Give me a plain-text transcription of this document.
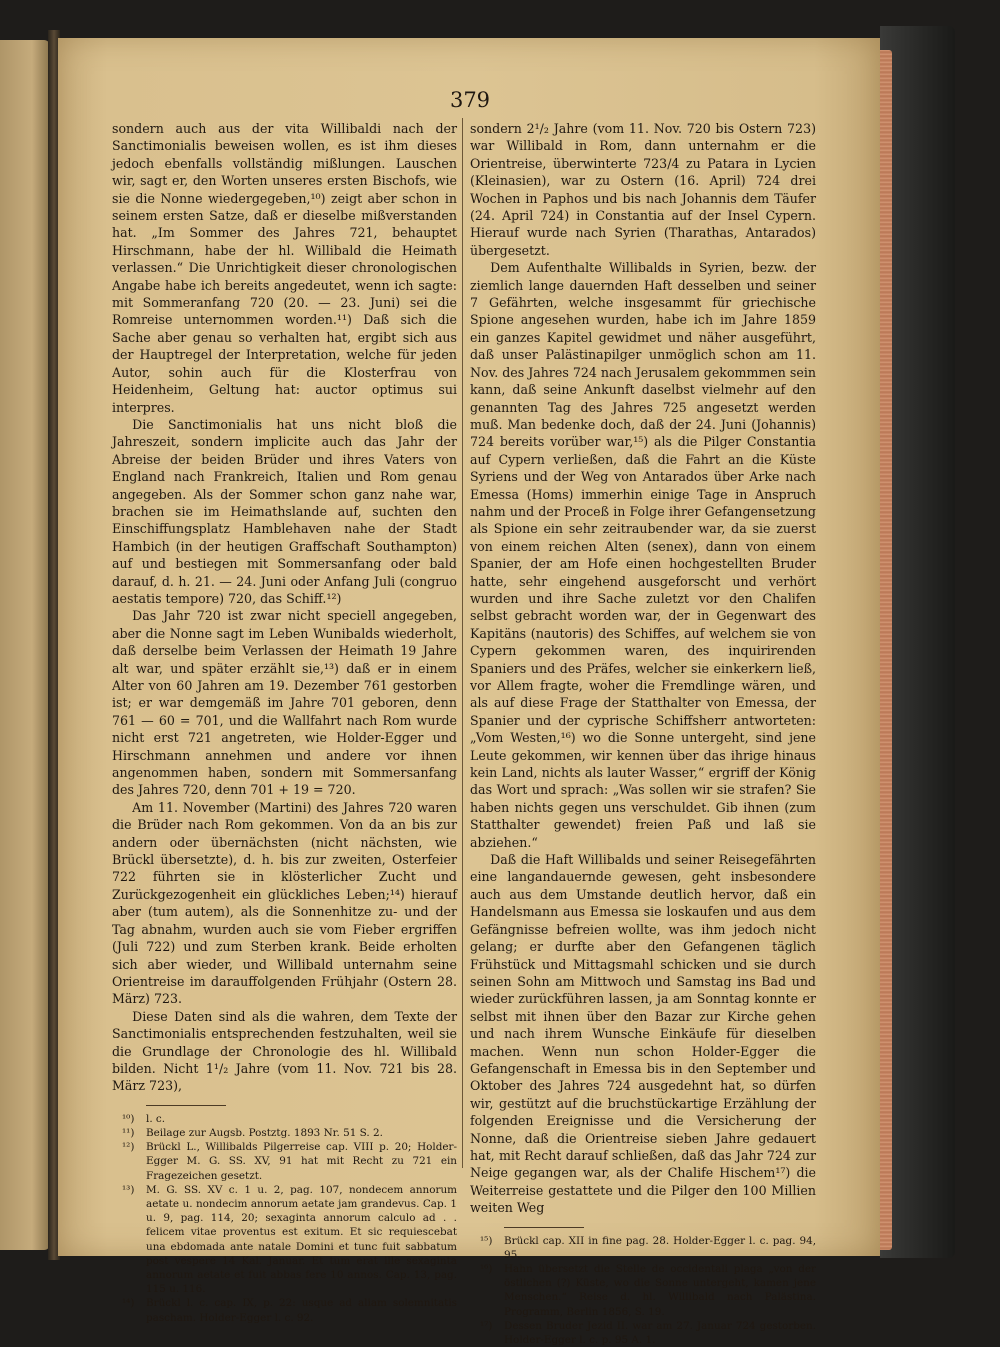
379

sondern auch aus der vita Willibaldi nach der Sanctimonialis beweisen wollen, es ist ihm dieses jedoch ebenfalls vollständig mißlungen. Lauschen wir, sagt er, den Worten unseres ersten Bischofs, wie sie die Nonne wiedergegeben,¹⁰) zeigt aber schon in seinem ersten Satze, daß er dieselbe mißverstanden hat. „Im Sommer des Jahres 721, behauptet Hirschmann, habe der hl. Willibald die Heimath verlassen.“ Die Unrichtigkeit dieser chronologischen Angabe habe ich bereits angedeutet, wenn ich sagte: mit Sommeranfang 720 (20. — 23. Juni) sei die Romreise unternommen worden.¹¹) Daß sich die Sache aber genau so verhalten hat, ergibt sich aus der Hauptregel der Interpretation, welche für jeden Autor, sohin auch für die Klosterfrau von Heidenheim, Geltung hat: auctor optimus sui interpres.

Die Sanctimonialis hat uns nicht bloß die Jahreszeit, sondern implicite auch das Jahr der Abreise der beiden Brüder und ihres Vaters von England nach Frankreich, Italien und Rom genau angegeben. Als der Sommer schon ganz nahe war, brachen sie im Heimathslande auf, suchten den Einschiffungsplatz Hamblehaven nahe der Stadt Hambich (in der heutigen Graffschaft Southampton) auf und bestiegen mit Sommersanfang oder bald darauf, d. h. 21. — 24. Juni oder Anfang Juli (congruo aestatis tempore) 720, das Schiff.¹²)

Das Jahr 720 ist zwar nicht speciell angegeben, aber die Nonne sagt im Leben Wunibalds wiederholt, daß derselbe beim Verlassen der Heimath 19 Jahre alt war, und später erzählt sie,¹³) daß er in einem Alter von 60 Jahren am 19. Dezember 761 gestorben ist; er war demgemäß im Jahre 701 geboren, denn 761 — 60 = 701, und die Wallfahrt nach Rom wurde nicht erst 721 angetreten, wie Holder-Egger und Hirschmann annehmen und andere vor ihnen angenommen haben, sondern mit Sommersanfang des Jahres 720, denn 701 + 19 = 720.

Am 11. November (Martini) des Jahres 720 waren die Brüder nach Rom gekommen. Von da an bis zur andern oder übernächsten (nicht nächsten, wie Brückl übersetzte), d. h. bis zur zweiten, Osterfeier 722 führten sie in klösterlicher Zucht und Zurückgezogenheit ein glückliches Leben;¹⁴) hierauf aber (tum autem), als die Sonnenhitze zu- und der Tag abnahm, wurden auch sie vom Fieber ergriffen (Juli 722) und zum Sterben krank. Beide erholten sich aber wieder, und Willibald unternahm seine Orientreise im darauffolgenden Frühjahr (Ostern 28. März) 723.

Diese Daten sind als die wahren, dem Texte der Sanctimonialis entsprechenden festzuhalten, weil sie die Grundlage der Chronologie des hl. Willibald bilden. Nicht 1¹/₂ Jahre (vom 11. Nov. 721 bis 28. März 723),

¹⁰) l. c.

¹¹) Beilage zur Augsb. Postztg. 1893 Nr. 51 S. 2.

¹²) Brückl L., Willibalds Pilgerreise cap. VIII p. 20; Holder-Egger M. G. SS. XV, 91 hat mit Recht zu 721 ein Fragezeichen gesetzt.

¹³) M. G. SS. XV c. 1 u. 2, pag. 107, nondecem annorum aetate u. nondecim annorum aetate jam grandevus. Cap. 1 u. 9, pag. 114, 20; sexaginta annorum calculo ad . . felicem vitae proventus est exitum. Et sic requiescebat una ebdomada ante natale Domini et tunc fuit sabbatum post vespere 14 Kal. Januar. Et tum erat ille sexaginta annorum aetate et fuit abbas fere 10 annos. Cap. 13, pag. 115 u. 116.

¹⁴) Brückl l. c. cap. IX, p. 22: usque ad aliam solemnitatis pascham. Holder-Egger l. c. 92.

sondern 2¹/₂ Jahre (vom 11. Nov. 720 bis Ostern 723) war Willibald in Rom, dann unternahm er die Orientreise, überwinterte 723/4 zu Patara in Lycien (Kleinasien), war zu Ostern (16. April) 724 drei Wochen in Paphos und bis nach Johannis dem Täufer (24. April 724) in Constantia auf der Insel Cypern. Hierauf wurde nach Syrien (Tharathas, Antarados) übergesetzt.

Dem Aufenthalte Willibalds in Syrien, bezw. der ziemlich lange dauernden Haft desselben und seiner 7 Gefährten, welche insgesammt für griechische Spione angesehen wurden, habe ich im Jahre 1859 ein ganzes Kapitel gewidmet und näher ausgeführt, daß unser Palästinapilger unmöglich schon am 11. Nov. des Jahres 724 nach Jerusalem gekommmen sein kann, daß seine Ankunft daselbst vielmehr auf den genannten Tag des Jahres 725 angesetzt werden muß. Man bedenke doch, daß der 24. Juni (Johannis) 724 bereits vorüber war,¹⁵) als die Pilger Constantia auf Cypern verließen, daß die Fahrt an die Küste Syriens und der Weg von Antarados über Arke nach Emessa (Homs) immerhin einige Tage in Anspruch nahm und der Proceß in Folge ihrer Gefangensetzung als Spione ein sehr zeitraubender war, da sie zuerst von einem reichen Alten (senex), dann von einem Spanier, der am Hofe einen hochgestellten Bruder hatte, sehr eingehend ausgeforscht und verhört wurden und ihre Sache zuletzt vor den Chalifen selbst gebracht worden war, der in Gegenwart des Kapitäns (nautoris) des Schiffes, auf welchem sie von Cypern gekommen waren, des inquirirenden Spaniers und des Präfes, welcher sie einkerkern ließ, vor Allem fragte, woher die Fremdlinge wären, und als auf diese Frage der Statthalter von Emessa, der Spanier und der cyprische Schiffsherr antworteten: „Vom Westen,¹⁶) wo die Sonne untergeht, sind jene Leute gekommen, wir kennen über das ihrige hinaus kein Land, nichts als lauter Wasser,“ ergriff der König das Wort und sprach: „Was sollen wir sie strafen? Sie haben nichts gegen uns verschuldet. Gib ihnen (zum Statthalter gewendet) freien Paß und laß sie abziehen.“

Daß die Haft Willibalds und seiner Reisegefährten eine langandauernde gewesen, geht insbesondere auch aus dem Umstande deutlich hervor, daß ein Handelsmann aus Emessa sie loskaufen und aus dem Gefängnisse befreien wollte, was ihm jedoch nicht gelang; er durfte aber den Gefangenen täglich Frühstück und Mittagsmahl schicken und sie durch seinen Sohn am Mittwoch und Samstag ins Bad und wieder zurückführen lassen, ja am Sonntag konnte er selbst mit ihnen über den Bazar zur Kirche gehen und nach ihrem Wunsche Einkäufe für dieselben machen. Wenn nun schon Holder-Egger die Gefangenschaft in Emessa bis in den September und Oktober des Jahres 724 ausgedehnt hat, so dürfen wir, gestützt auf die bruchstückartige Erzählung der folgenden Ereignisse und die Versicherung der Nonne, daß die Orientreise sieben Jahre gedauert hat, mit Recht darauf schließen, daß das Jahr 724 zur Neige gegangen war, als der Chalife Hischem¹⁷) die Weiterreise gestattete und die Pilger den 100 Millien weiten Weg

¹⁵) Brückl cap. XII in fine pag. 28. Holder-Egger l. c. pag. 94, 95.

¹⁶) Hahn übersetzt die Stelle de occidentali plaga „von der östlichen (?) Küste, wo die Sonne untergeht, kamen jene Menschen.“ Reise d. hl. Willibald nach Palästina. Programm, Berlin 1856, S. 19.

¹⁷) Dessen Bruder Jezid II. war am 27. Januar 724 gestorben. Holder-Egger l. c. p. 95 A. 1.
